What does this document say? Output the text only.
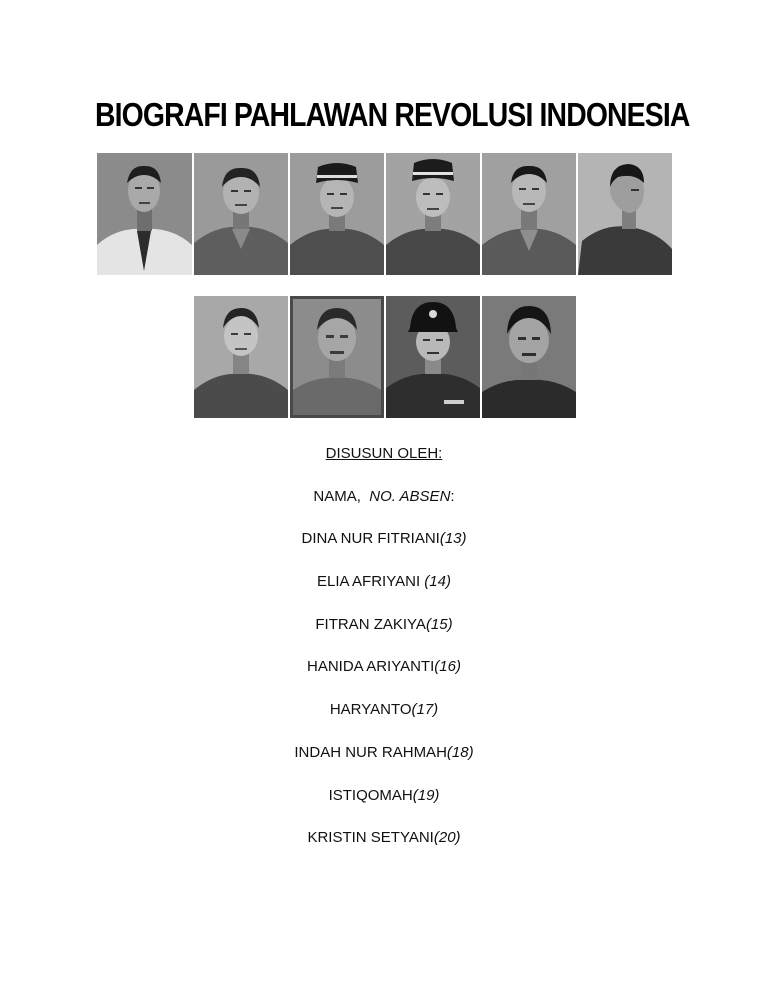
BIOGRAFI PAHLAWAN REVOLUSI INDONESIA
DISUSUN OLEH:
NAMA, NO. ABSEN:
DINA NUR FITRIANI(13)
ELIA AFRIYANI (14)
FITRAN ZAKIYA(15)
HANIDA ARIYANTI(16)
HARYANTO(17)
INDAH NUR RAHMAH(18)
ISTIQOMAH(19)
KRISTIN SETYANI(20)
